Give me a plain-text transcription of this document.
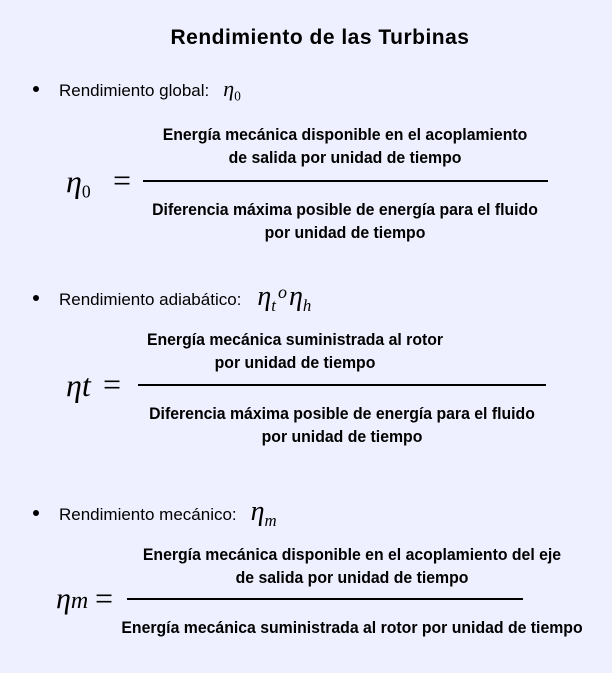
Rendimiento de las Turbinas
Rendimiento global: $\eta_0$
$\eta_0$ =
Energía mecánica disponible en el acoplamiento
de salida por unidad de tiempo
Diferencia máxima posible de energía para el fluido
por unidad de tiempo
Rendimiento adiabático: $\eta_t^o\eta_h$
ηt =
Energía mecánica suministrada al rotor
por unidad de tiempo
Diferencia máxima posible de energía para el fluido
por unidad de tiempo
Rendimiento mecánico: $\eta_m$
ηm =
Energía mecánica disponible en el acoplamiento del eje
de salida por unidad de tiempo
Energía mecánica suministrada al rotor por unidad de tiempo
